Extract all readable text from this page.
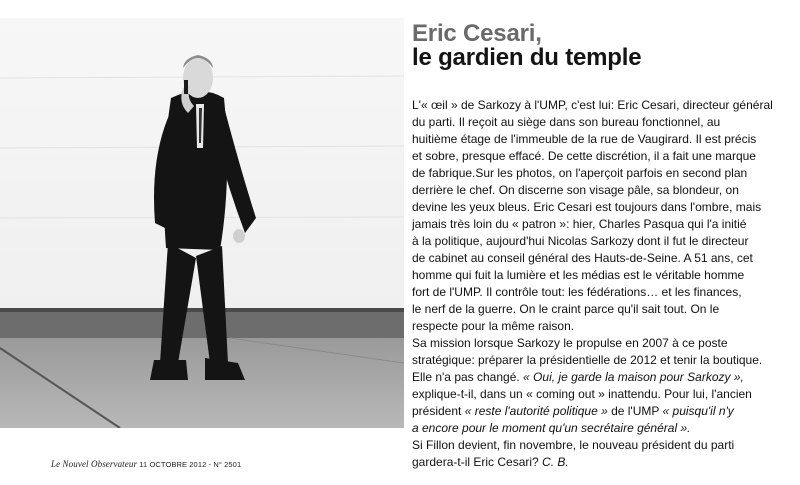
Eric Cesari,
le gardien du temple
L'« œil » de Sarkozy à l'UMP, c'est lui: Eric Cesari, directeur général
du parti. Il reçoit au siège dans son bureau fonctionnel, au
huitième étage de l'immeuble de la rue de Vaugirard. Il est précis
et sobre, presque effacé. De cette discrétion, il a fait une marque
de fabrique.Sur les photos, on l'aperçoit parfois en second plan
derrière le chef. On discerne son visage pâle, sa blondeur, on
devine les yeux bleus. Eric Cesari est toujours dans l'ombre, mais
jamais très loin du « patron »: hier, Charles Pasqua qui l'a initié
à la politique, aujourd'hui Nicolas Sarkozy dont il fut le directeur
de cabinet au conseil général des Hauts-de-Seine. A 51 ans, cet
homme qui fuit la lumière et les médias est le véritable homme
fort de l'UMP. Il contrôle tout: les fédérations… et les finances,
le nerf de la guerre. On le craint parce qu'il sait tout. On le
respecte pour la même raison.
Sa mission lorsque Sarkozy le propulse en 2007 à ce poste
stratégique: préparer la présidentielle de 2012 et tenir la boutique.
Elle n'a pas changé. « Oui, je garde la maison pour Sarkozy »,
explique-t-il, dans un « coming out » inattendu. Pour lui, l'ancien
président « reste l'autorité politique » de l'UMP « puisqu'il n'y
a encore pour le moment qu'un secrétaire général ».
Si Fillon devient, fin novembre, le nouveau président du parti
gardera-t-il Eric Cesari? C. B.
Le Nouvel Observateur 11 OCTOBRE 2012 - N° 2501
